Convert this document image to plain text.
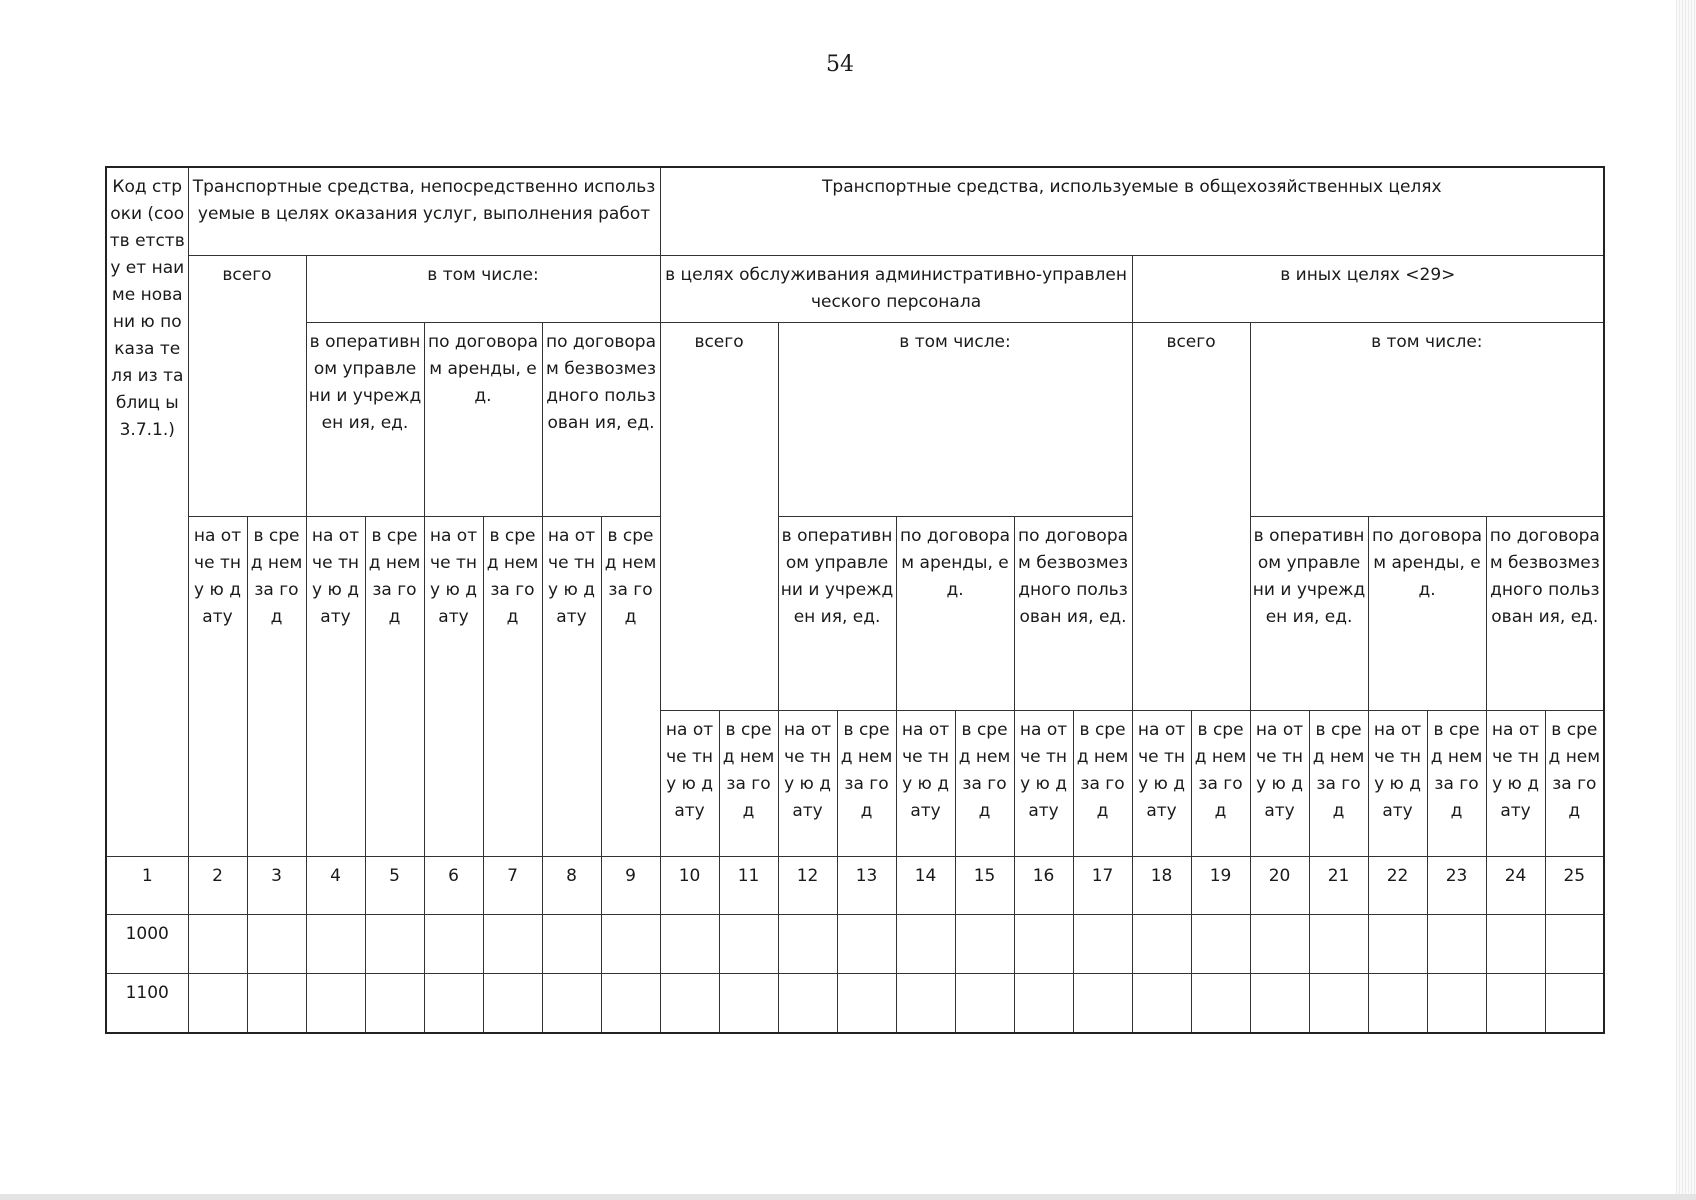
54
Код строки (соотв етству ет наиме новани ю показа теля из таблиц ы 3.7.1.)	Транспортные средства, непосредственно используемые в целях оказания услуг, выполнения работ								Транспортные средства, используемые в общехозяйственных целях															
	всего		в том числе:						в целях обслуживания административно-управленческого персонала								в иных целях <29>							
			в оперативн ом управлени и учрежден ия, ед.		по договорам аренды, ед.		по договорам безвозмез дного пользован ия, ед.		всего		в том числе:						всего		в том числе:					
	на отче тну ю дату	в сред нем за год	на отче тну ю дату	в сред нем за год	на отче тну ю дату	в сред нем за год	на отче тну ю дату	в сред нем за год			в оперативн ом управлени и учрежден ия, ед.		по договорам аренды, ед.		по договорам безвозмез дного пользован ия, ед.				в оперативн ом управлени и учрежден ия, ед.		по договорам аренды, ед.		по договорам безвозмез дного пользован ия, ед.	
									на отче тну ю дату	в сред нем за год	на отче тну ю дату	в сред нем за год	на отче тну ю дату	в сред нем за год	на отче тну ю дату	в сред нем за год	на отче тну ю дату	в сред нем за год	на отче тну ю дату	в сред нем за год	на отче тну ю дату	в сред нем за год	на отче тну ю дату	в сред нем за год
1	2	3	4	5	6	7	8	9	10	11	12	13	14	15	16	17	18	19	20	21	22	23	24	25
1000																								
1100																								
